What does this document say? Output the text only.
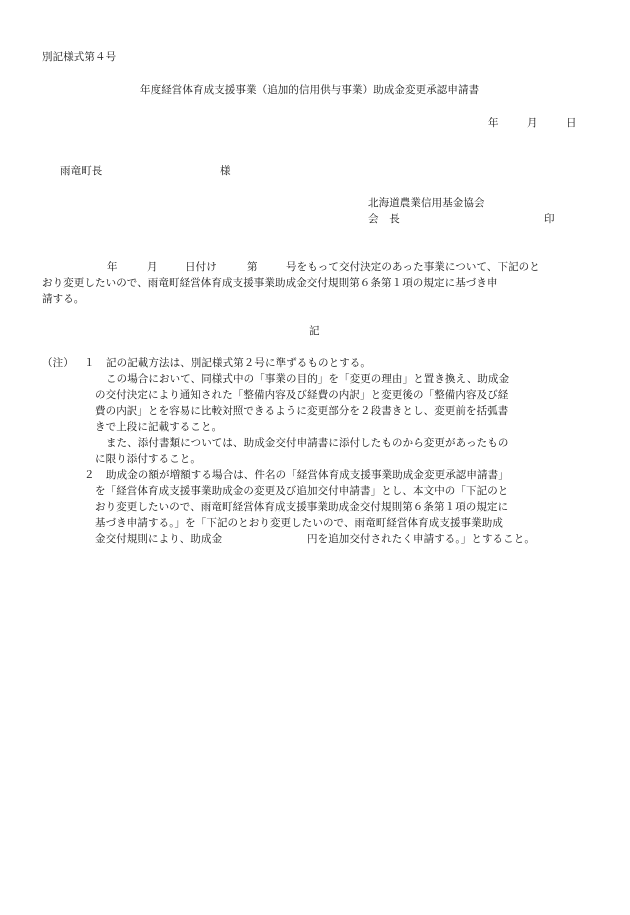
別記様式第４号
年度経営体育成支援事業（追加的信用供与事業）助成金変更承認申請書
年	月	日
雨竜町長	様
北海道農業信用基金協会
会　長	印
年	月	日付け	第	号をもって交付決定のあった事業について、下記のと
おり変更したいので、雨竜町経営体育成支援事業助成金交付規則第６条第１項の規定に基づき申
請する。
記
（注） １ 記の記載方法は、別記様式第２号に準ずるものとする。
この場合において、同様式中の「事業の目的」を「変更の理由」と置き換え、助成金
の交付決定により通知された「整備内容及び経費の内訳」と変更後の「整備内容及び経
費の内訳」とを容易に比較対照できるように変更部分を２段書きとし、変更前を括弧書
きで上段に記載すること。
また、添付書類については、助成金交付申請書に添付したものから変更があったもの
に限り添付すること。
２ 助成金の額が増額する場合は、件名の「経営体育成支援事業助成金変更承認申請書」
を「経営体育成支援事業助成金の変更及び追加交付申請書」とし、本文中の「下記のと
おり変更したいので、雨竜町経営体育成支援事業助成金交付規則第６条第１項の規定に
基づき申請する。」を「下記のとおり変更したいので、雨竜町経営体育成支援事業助成
金交付規則により、助成金	円を追加交付されたく申請する。」とすること。
